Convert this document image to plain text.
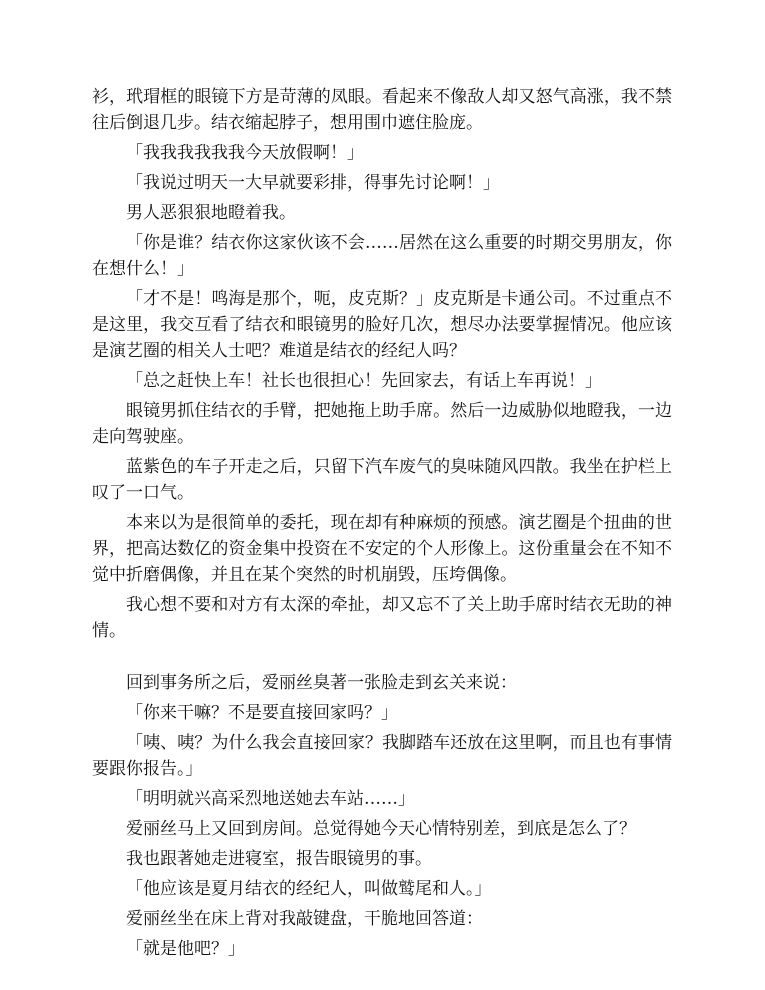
衫，玳瑁框的眼镜下方是苛薄的凤眼。看起来不像敌人却又怒气高涨，我不禁往后倒退几步。结衣缩起脖子，想用围巾遮住脸庞。

「我我我我我我今天放假啊！」

「我说过明天一大早就要彩排，得事先讨论啊！」

男人恶狠狠地瞪着我。

「你是谁？结衣你这家伙该不会……居然在这么重要的时期交男朋友，你在想什么！」

「才不是！鸣海是那个，呃，皮克斯？」皮克斯是卡通公司。不过重点不是这里，我交互看了结衣和眼镜男的脸好几次，想尽办法要掌握情况。他应该是演艺圈的相关人士吧？难道是结衣的经纪人吗？

「总之赶快上车！社长也很担心！先回家去，有话上车再说！」

眼镜男抓住结衣的手臂，把她拖上助手席。然后一边威胁似地瞪我，一边走向驾驶座。

蓝紫色的车子开走之后，只留下汽车废气的臭味随风四散。我坐在护栏上叹了一口气。

本来以为是很简单的委托，现在却有种麻烦的预感。演艺圈是个扭曲的世界，把高达数亿的资金集中投资在不安定的个人形像上。这份重量会在不知不觉中折磨偶像，并且在某个突然的时机崩毁，压垮偶像。

我心想不要和对方有太深的牵扯，却又忘不了关上助手席时结衣无助的神情。

回到事务所之后，爱丽丝臭著一张脸走到玄关来说：

「你来干嘛？不是要直接回家吗？」

「咦、咦？为什么我会直接回家？我脚踏车还放在这里啊，而且也有事情要跟你报告。」

「明明就兴高采烈地送她去车站……」

爱丽丝马上又回到房间。总觉得她今天心情特别差，到底是怎么了？

我也跟著她走进寝室，报告眼镜男的事。

「他应该是夏月结衣的经纪人，叫做鹫尾和人。」

爱丽丝坐在床上背对我敲键盘，干脆地回答道：

「就是他吧？」
